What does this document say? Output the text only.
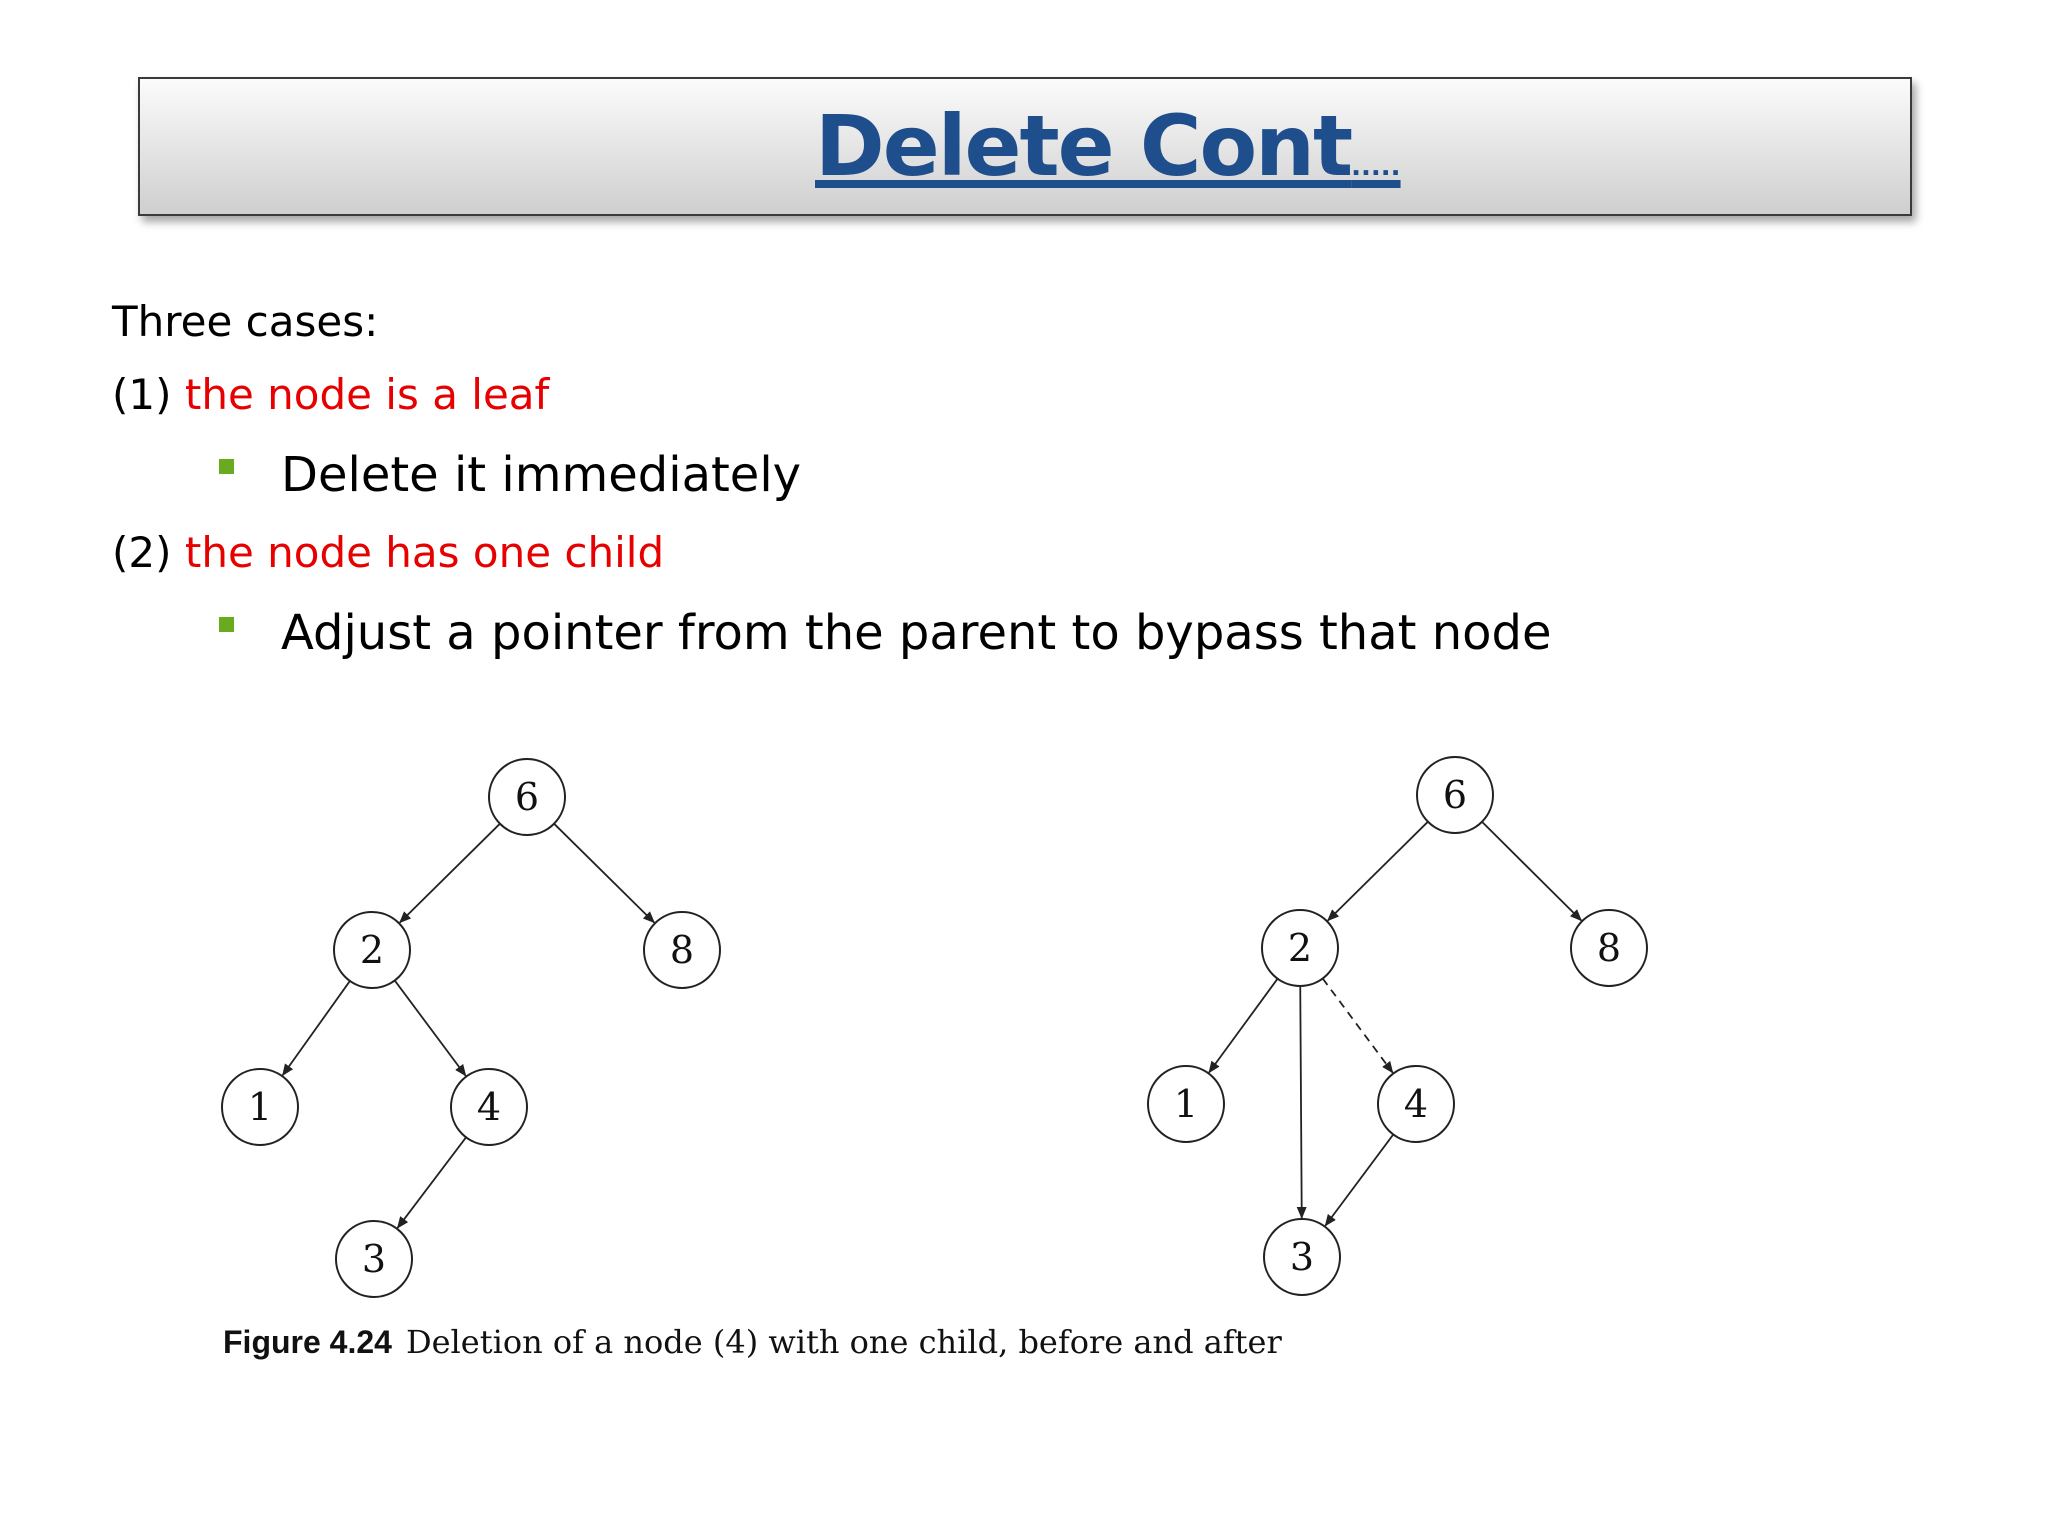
Delete Cont.....
Three cases:
(1) the node is a leaf
Delete it immediately
(2) the node has one child
Adjust a pointer from the parent to bypass that node
6
2	8
1	4
3
6
2	8
1	4
3
Figure 4.24 Deletion of a node (4) with one child, before and after
